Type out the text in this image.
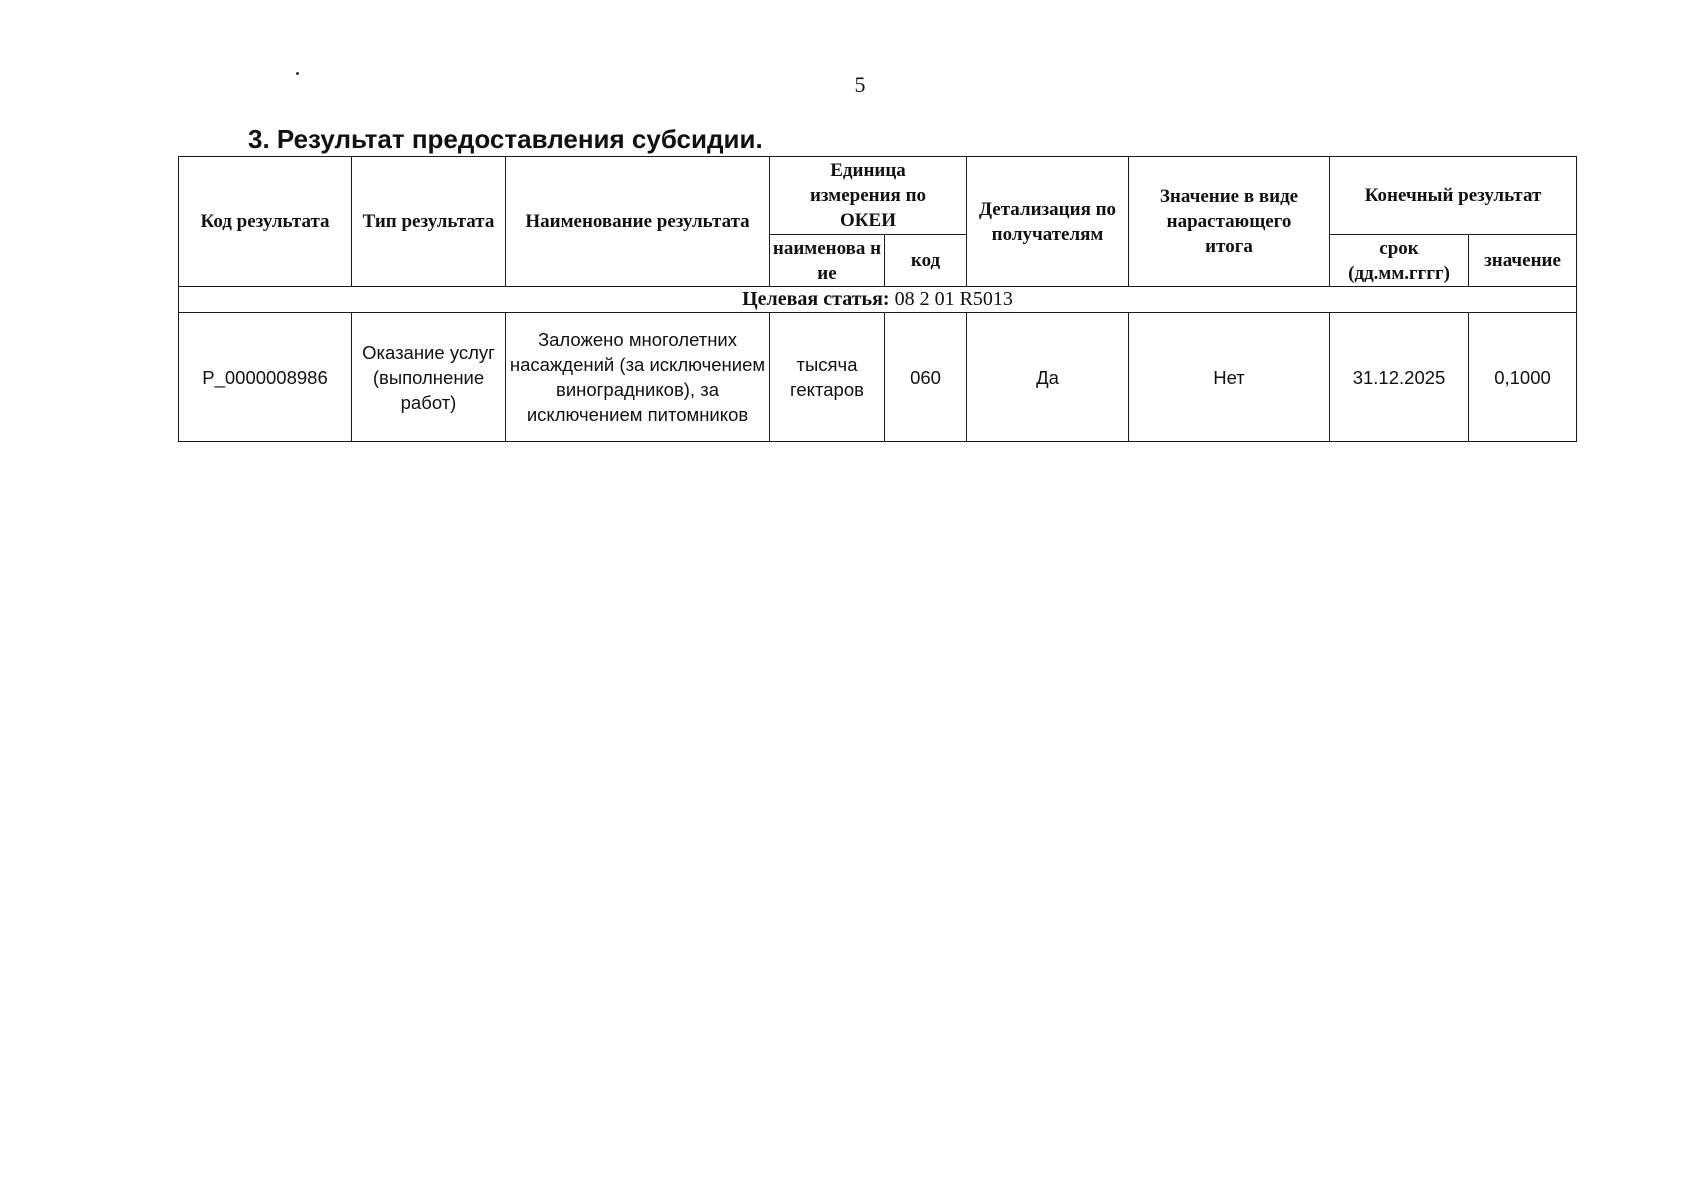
5
3. Результат предоставления субсидии.
Код результата	Тип результата	Наименование результата	Единица измерения по ОКЕИ		Детализация по получателям	Значение в виде нарастающего итога	Конечный результат	
			наименова ние	код			срок (дд.мм.гггг)	значение
Целевая статья: 08 2 01 R5013								
Р_0000008986	Оказание услуг (выполнение работ)	Заложено многолетних насаждений (за исключением виноградников), за исключением питомников	тысяча гектаров	060	Да	Нет	31.12.2025	0,1000
